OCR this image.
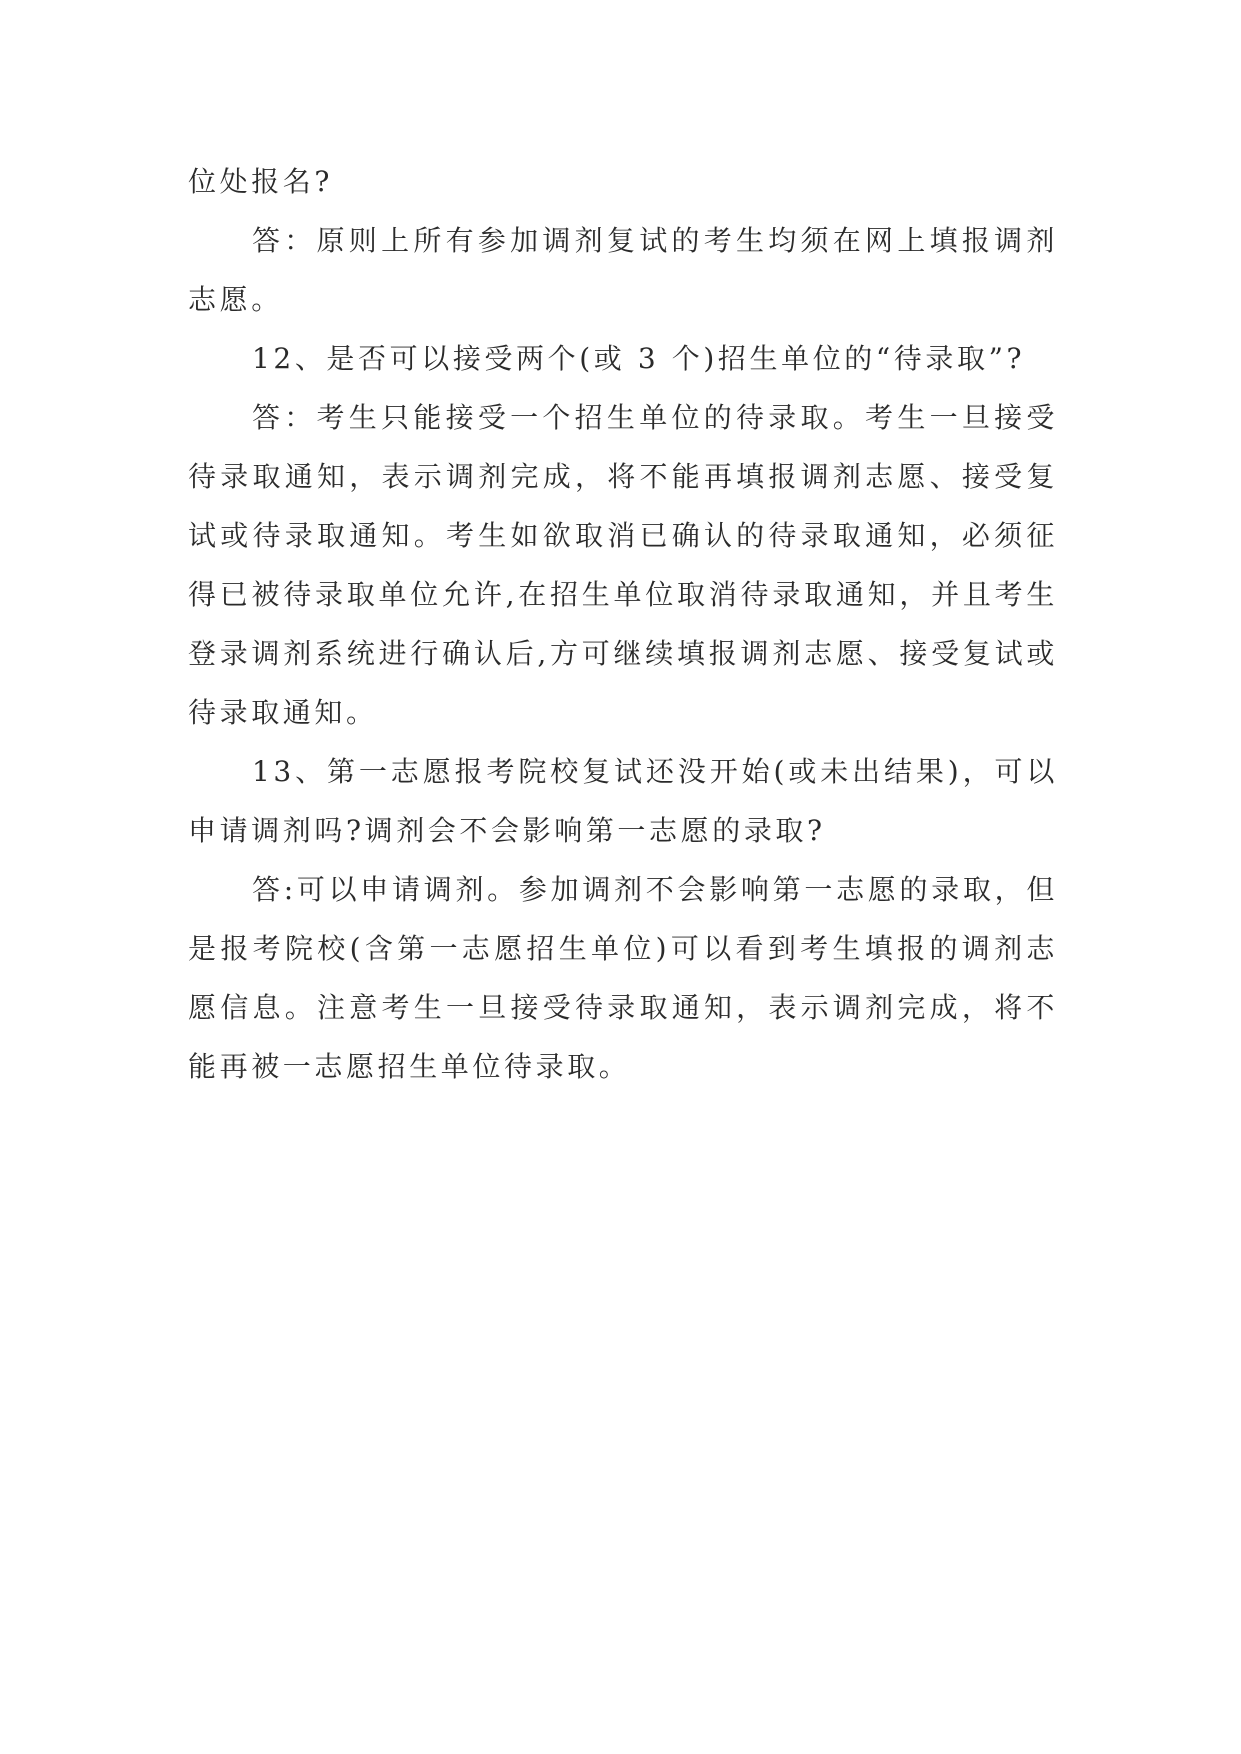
位处报名?

答：原则上所有参加调剂复试的考生均须在网上填报调剂志愿。

12、是否可以接受两个(或 3 个)招生单位的“待录取”?

答：考生只能接受一个招生单位的待录取。考生一旦接受待录取通知，表示调剂完成，将不能再填报调剂志愿、接受复试或待录取通知。考生如欲取消已确认的待录取通知，必须征得已被待录取单位允许,在招生单位取消待录取通知，并且考生登录调剂系统进行确认后,方可继续填报调剂志愿、接受复试或待录取通知。

13、第一志愿报考院校复试还没开始(或未出结果)，可以申请调剂吗?调剂会不会影响第一志愿的录取?

答:可以申请调剂。参加调剂不会影响第一志愿的录取，但是报考院校(含第一志愿招生单位)可以看到考生填报的调剂志愿信息。注意考生一旦接受待录取通知，表示调剂完成，将不能再被一志愿招生单位待录取。
